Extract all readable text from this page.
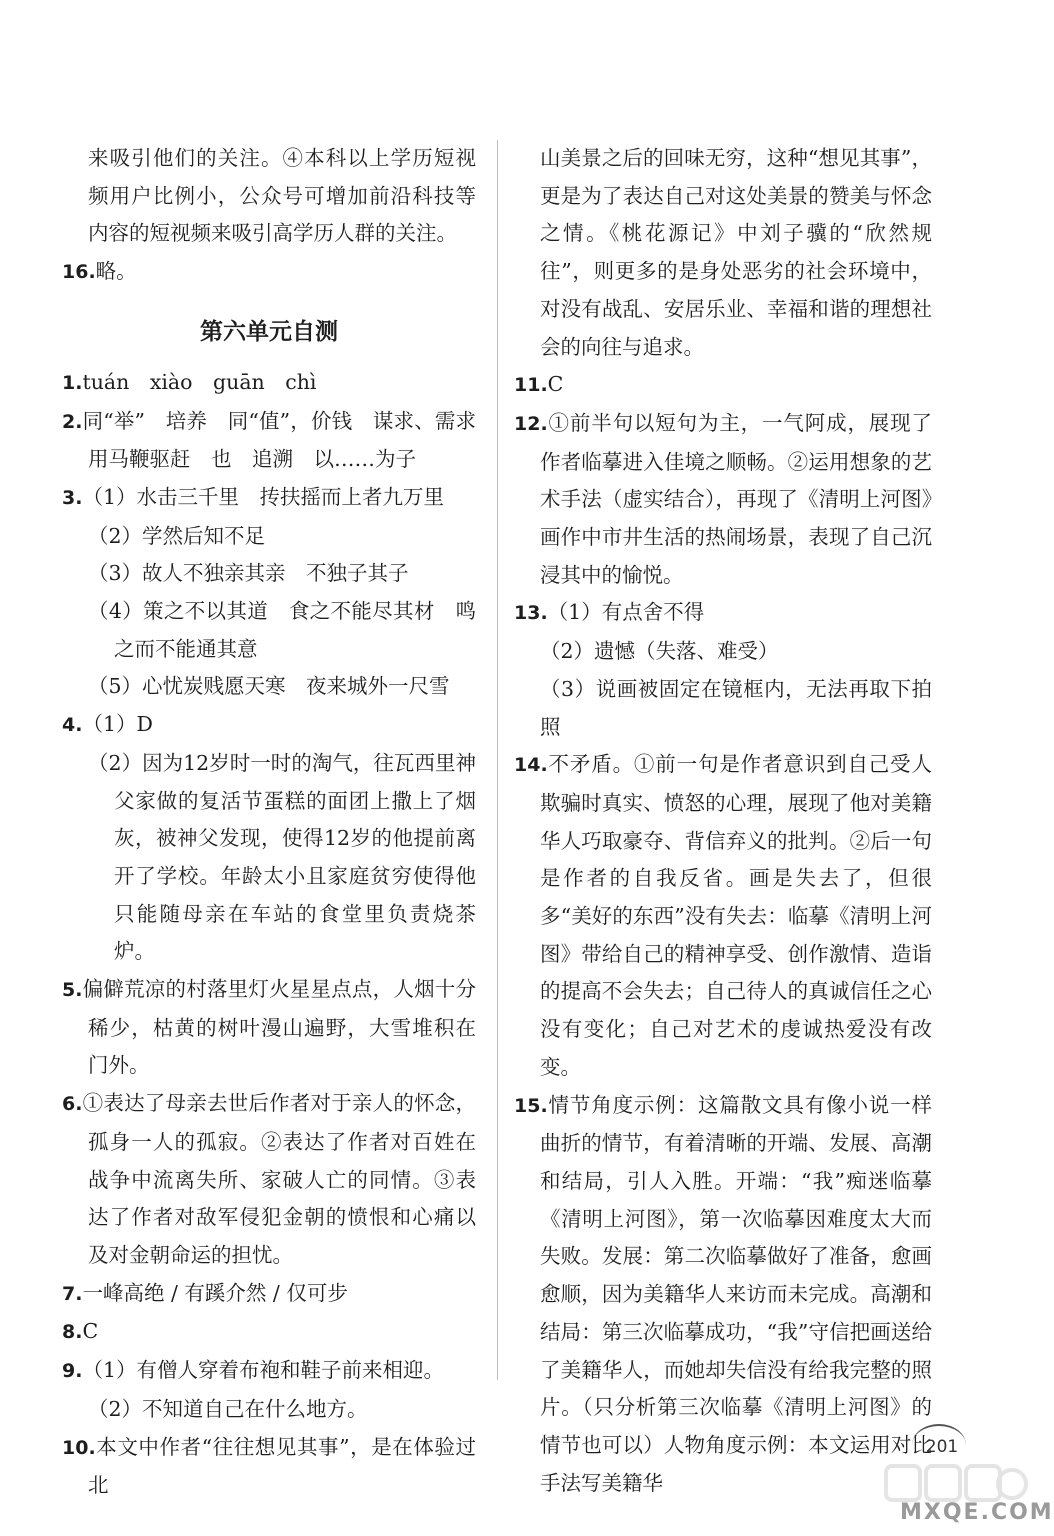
来吸引他们的关注。④本科以上学历短视频用户比例小，公众号可增加前沿科技等内容的短视频来吸引高学历人群的关注。
16.略。
第六单元自测
1.tuán　xiào　guān　chì
2.同“举”　培养　同“值”，价钱　谋求、需求　用马鞭驱赶　也　追溯　以……为子
3.（1）水击三千里　抟扶摇而上者九万里
（2）学然后知不足
（3）故人不独亲其亲　不独子其子
（4）策之不以其道　食之不能尽其材　鸣之而不能通其意
（5）心忧炭贱愿天寒　夜来城外一尺雪
4.（1）D
（2）因为12岁时一时的淘气，往瓦西里神父家做的复活节蛋糕的面团上撒上了烟灰，被神父发现，使得12岁的他提前离开了学校。年龄太小且家庭贫穷使得他只能随母亲在车站的食堂里负责烧茶炉。
5.偏僻荒凉的村落里灯火星星点点，人烟十分稀少，枯黄的树叶漫山遍野，大雪堆积在门外。
6.①表达了母亲去世后作者对于亲人的怀念，孤身一人的孤寂。②表达了作者对百姓在战争中流离失所、家破人亡的同情。③表达了作者对敌军侵犯金朝的愤恨和心痛以及对金朝命运的担忧。
7.一峰高绝 / 有蹊介然 / 仅可步
8.C
9.（1）有僧人穿着布袍和鞋子前来相迎。
（2）不知道自己在什么地方。
10.本文中作者“往往想见其事”，是在体验过北
山美景之后的回味无穷，这种“想见其事”，更是为了表达自己对这处美景的赞美与怀念之情。《桃花源记》中刘子骥的“欣然规往”，则更多的是身处恶劣的社会环境中，对没有战乱、安居乐业、幸福和谐的理想社会的向往与追求。
11.C
12.①前半句以短句为主，一气阿成，展现了作者临摹进入佳境之顺畅。②运用想象的艺术手法（虚实结合），再现了《清明上河图》画作中市井生活的热闹场景，表现了自己沉浸其中的愉悦。
13.（1）有点舍不得
（2）遗憾（失落、难受）
（3）说画被固定在镜框内，无法再取下拍照
14.不矛盾。①前一句是作者意识到自己受人欺骗时真实、愤怒的心理，展现了他对美籍华人巧取豪夺、背信弃义的批判。②后一句是作者的自我反省。画是失去了，但很多“美好的东西”没有失去：临摹《清明上河图》带给自己的精神享受、创作激情、造诣的提高不会失去；自己待人的真诚信任之心没有变化；自己对艺术的虔诚热爱没有改变。
15.情节角度示例：这篇散文具有像小说一样曲折的情节，有着清晰的开端、发展、高潮和结局，引人入胜。开端：“我”痴迷临摹《清明上河图》，第一次临摹因难度太大而失败。发展：第二次临摹做好了准备，愈画愈顺，因为美籍华人来访而未完成。高潮和结局：第三次临摹成功，“我”守信把画送给了美籍华人，而她却失信没有给我完整的照片。（只分析第三次临摹《清明上河图》的情节也可以）人物角度示例：本文运用对比手法写美籍华
201
MXQE.COM
